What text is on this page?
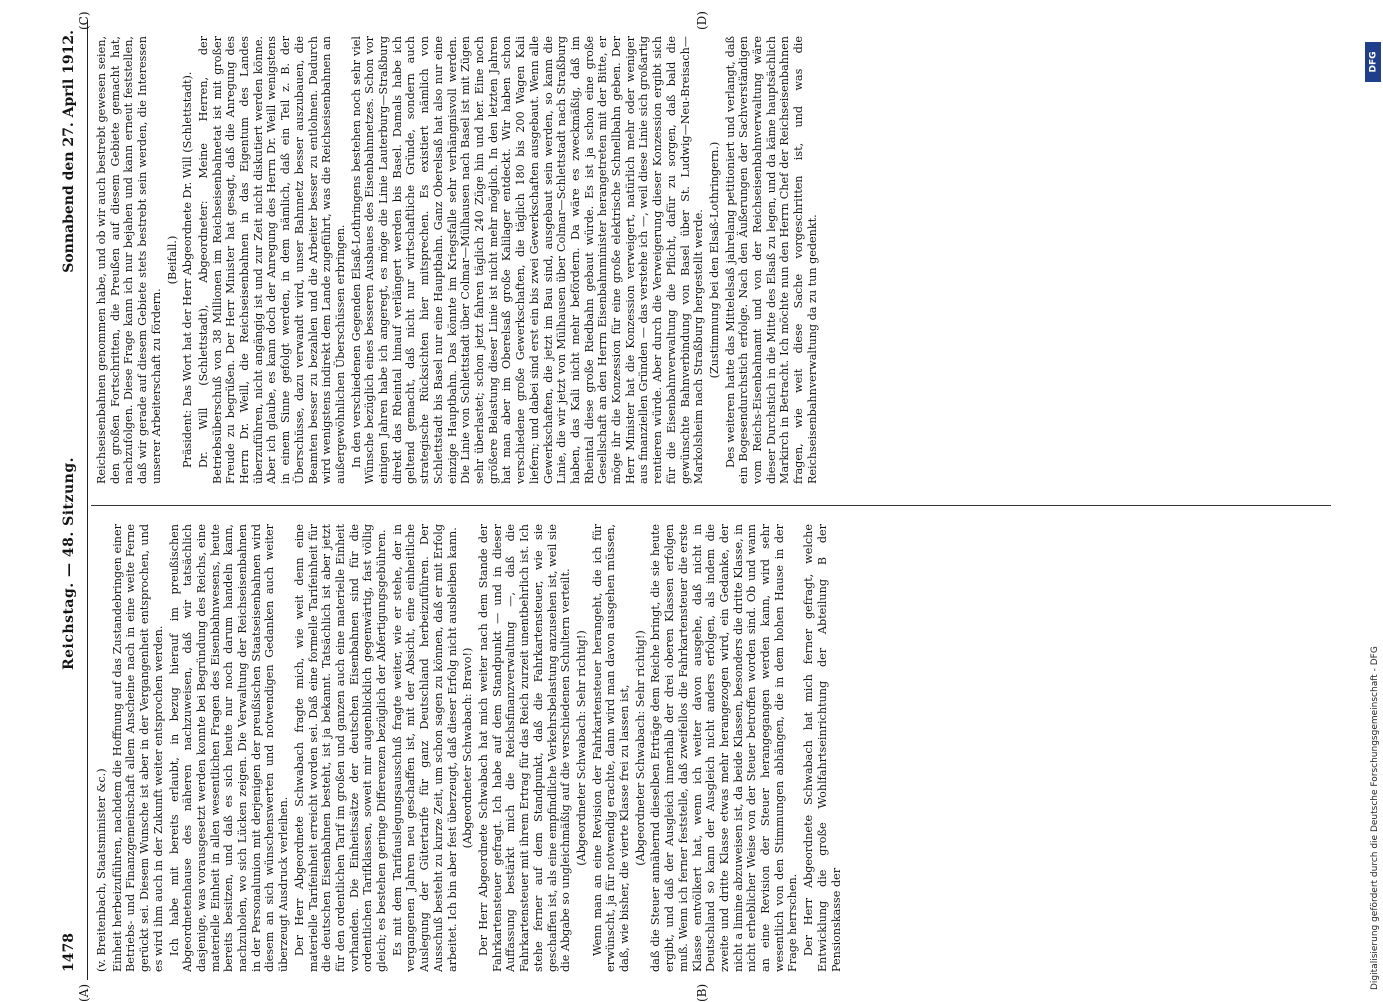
1478
Reichstag. — 48. Sitzung.
Sonnabend den 27. April 1912.
(A)	(B)
(C)	(D)

(v. Breitenbach, Staatsminister &c.) Einheit herbeizuführen, nachdem die Hoffnung auf das Zustandebringen einer Betriebs- und Finanzgemeinschaft allem Anscheine nach in eine weite Ferne gerückt sei. Diesem Wunsche ist aber in der Vergangenheit entsprochen, und es wird ihm auch in der Zukunft weiter entsprochen werden. Ich habe mit bereits erlaubt, in bezug hierauf im preußischen Abgeordnetenhause des näheren nachzuweisen, daß wir tatsächlich dasjenige, was vorausgesetzt werden konnte bei Begründung des Reichs, eine materielle Einheit in allen wesentlichen Fragen des Eisenbahnwesens, heute bereits besitzen, und daß es sich heute nur noch darum handeln kann, nachzuholen, wo sich Lücken zeigen. Die Verwaltung der Reichseisenbahnen in der Personalunion mit derjenigen der preußischen Staatseisenbahnen wird diesem an sich wünschenswerten und notwendigen Gedanken auch weiter überzeugt Ausdruck verleihen. Der Herr Abgeordnete Schwabach fragte mich, wie weit denn eine materielle Tarifeinheit erreicht worden sei. Daß eine formelle Tarifeinheit für die deutschen Eisenbahnen besteht, ist ja bekannt. Tatsächlich ist aber jetzt für den ordentlichen Tarif im großen und ganzen auch eine materielle Einheit vorhanden. Die Einheitssätze der deutschen Eisenbahnen sind für die ordentlichen Tarifklassen, soweit mir augenblicklich gegenwärtig, fast völlig gleich; es bestehen geringe Differenzen bezüglich der Abfertigungsgebühren. Es mit dem Tarifauslegungsausschuß fragte weiter, wie er stehe, der in vergangenen Jahren neu geschaffen ist, mit der Absicht, eine einheitliche Auslegung der Gütertarife für ganz Deutschland herbeizuführen. Der Ausschuß besteht zu kurze Zeit, um schon sagen zu können, daß er mit Erfolg arbeitet. Ich bin aber fest überzeugt, daß dieser Erfolg nicht ausbleiben kann. (Abgeordneter Schwabach: Bravo!) Der Herr Abgeordnete Schwabach hat mich weiter nach dem Stande der Fahrkartensteuer gefragt. Ich habe auf dem Standpunkt — und in dieser Auffassung bestärkt mich die Reichsfinanzverwaltung —, daß die Fahrkartensteuer mit ihrem Ertrag für das Reich zurzeit unentbehrlich ist. Ich stehe ferner auf dem Standpunkt, daß die Fahrkartensteuer, wie sie geschaffen ist, als eine empfindliche Verkehrsbelastung anzusehen ist, weil sie die Abgabe so ungleichmäßig auf die verschiedenen Schultern verteilt. (Abgeordneter Schwabach: Sehr richtig!) Wenn man an eine Revision der Fahrkartensteuer herangeht, die ich für erwünscht, ja für notwendig erachte, dann wird man davon ausgehen müssen, daß, wie bisher, die vierte Klasse frei zu lassen ist, (Abgeordneter Schwabach: Sehr richtig!) daß die Steuer annähernd dieselben Erträge dem Reiche bringt, die sie heute ergibt, und daß der Ausgleich innerhalb der drei oberen Klassen erfolgen muß. Wenn ich ferner feststelle, daß zweifellos die Fahrkartensteuer die erste Klasse entvölkert hat, wenn ich weiter davon ausgehe, daß nicht in Deutschland so kann der Ausgleich nicht anders erfolgen, als indem die zweite und dritte Klasse etwas mehr herangezogen wird, ein Gedanke, der nicht a limine abzuweisen ist, da beide Klassen, besonders die dritte Klasse, in nicht erheblicher Weise von der Steuer betroffen worden sind. Ob und wann an eine Revision der Steuer herangegangen werden kann, wird sehr wesentlich von den Stimmungen abhängen, die in dem hohen Hause in der Frage herrschen. Der Herr Abgeordnete Schwabach hat mich ferner gefragt, welche Entwicklung die große Wohlfahrtseinrichtung der Abteilung B der Pensionskasse der

Reichseisenbahnen genommen habe, und ob wir auch bestrebt gewesen seien, den großen Fortschritten, die Preußen auf diesem Gebiete gemacht hat, nachzufolgen. Diese Frage kann ich nur bejahen und kann erneut feststellen, daß wir gerade auf diesem Gebiete stets bestrebt sein werden, die Interessen unserer Arbeiterschaft zu fördern.

(Beifall.) Präsident: Das Wort hat der Herr Abgeordnete Dr. Will (Schlettstadt). Dr. Will (Schlettstadt), Abgeordneter: Meine Herren, der Betriebsüberschuß von 38 Millionen im Reichseisenbahnetat ist mit großer Freude zu begrüßen. Der Herr Minister hat gesagt, daß die Anregung des Herrn Dr. Weill, die Reichseisenbahnen in das Eigentum des Landes überzuführen, nicht angängig ist und zur Zeit nicht diskutiert werden könne. Aber ich glaube, es kann doch der Anregung des Herrn Dr. Weill wenigstens in einem Sinne gefolgt werden, in dem nämlich, daß ein Teil z. B. der Überschüsse, dazu verwandt wird, unser Bahnnetz besser auszubauen, die Beamten besser zu bezahlen und die Arbeiter besser zu entlohnen. Dadurch wird wenigstens indirekt dem Lande zugeführt, was die Reichseisenbahnen an außergewöhnlichen Überschüssen erbringen. In den verschiedenen Gegenden Elsaß-Lothringens bestehen noch sehr viel Wünsche bezüglich eines besseren Ausbaues des Eisenbahnnetzes. Schon vor einigen Jahren habe ich angeregt, es möge die Linie Lauterburg—Straßburg direkt das Rheintal hinauf verlängert werden bis Basel. Damals habe ich geltend gemacht, daß nicht nur wirtschaftliche Gründe, sondern auch strategische Rücksichten hier mitsprechen. Es existiert nämlich von Schlettstadt bis Basel nur eine Hauptbahn. Ganz Oberelsaß hat also nur eine einzige Hauptbahn. Das könnte im Kriegsfalle sehr verhängnisvoll werden. Die Linie von Schlettstadt über Colmar—Mülhausen nach Basel ist mit Zügen sehr überlastet; schon jetzt fahren täglich 240 Züge hin und her. Eine noch größere Belastung dieser Linie ist nicht mehr möglich. In den letzten Jahren hat man aber im Oberelsaß große Kalilager entdeckt. Wir haben schon verschiedene große Gewerkschaften, die täglich 180 bis 200 Wagen Kali liefern; und dabei sind erst ein bis zwei Gewerkschaften ausgebaut. Wenn alle Gewerkschaften, die jetzt im Bau sind, ausgebaut sein werden, so kann die Linie, die wir jetzt von Mülhausen über Colmar—Schlettstadt nach Straßburg haben, das Kali nicht mehr befördern. Da wäre es zweckmäßig, daß im Rheintal diese große Riedbahn gebaut würde. Es ist ja schon eine große Gesellschaft an den Herrn Eisenbahnminister herangetreten mit der Bitte, er möge ihr die Konzession für eine große elektrische Schnellbahn geben. Der Herr Minister hat die Konzession verweigert, natürlich mehr oder weniger aus finanziellen Gründen — das verstehe ich —, weil diese Linie sich großartig rentieren würde. Aber durch die Verweigerung dieser Konzession ergibt sich für die Eisenbahnverwaltung die Pflicht, dafür zu sorgen, daß bald die gewünschte Bahnverbindung von Basel über St. Ludwig—Neu-Breisach—Markolsheim nach Straßburg hergestellt werde. (Zustimmung bei den Elsaß-Lothringern.) Des weiteren hatte das Mittelelsaß jahrelang petitioniert und verlangt, daß ein Bogesendurchstich erfolge. Nach den Äußerungen der Sachverständigen vom Reichs-Eisenbahnamt und von der Reichseisenbahnverwaltung wäre dieser Durchstich in die Mitte des Elsaß zu legen, und da käme hauptsächlich Markirch in Betracht. Ich möchte nun den Herrn Chef der Reichseisenbahnen fragen, wie weit diese Sache vorgeschritten ist, und was die Reichseisenbahnverwaltung da zu tun gedenkt.

DFG
Digitalisierung gefördert durch die Deutsche Forschungsgemeinschaft - DFG
